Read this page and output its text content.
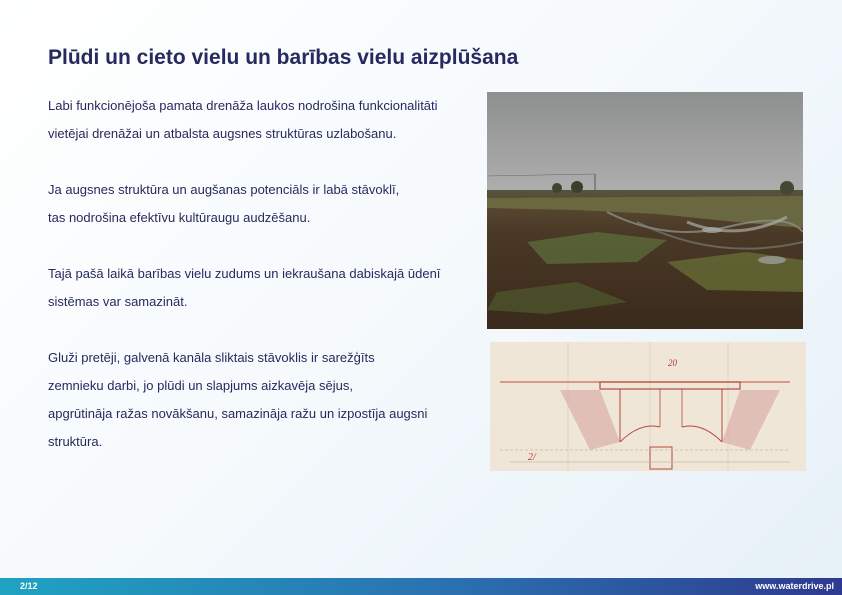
Plūdi un cieto vielu un barības vielu aizplūšana
Labi funkcionējoša pamata drenāža laukos nodrošina funkcionalitāti
vietējai drenāžai un atbalsta augsnes struktūras uzlabošanu.
Ja augsnes struktūra un augšanas potenciāls ir labā stāvoklī,
tas nodrošina efektīvu kultūraugu audzēšanu.
Tajā pašā laikā barības vielu zudums un iekraušana dabiskajā ūdenī
sistēmas var samazināt.
Gluži pretēji, galvenā kanāla sliktais stāvoklis ir sarežģīts
zemnieku darbi, jo plūdi un slapjums aizkavēja sējus,
apgrūtināja ražas novākšanu, samazināja ražu un izpostīja augsni
struktūra.
20
2/
2/12	www.waterdrive.pl
